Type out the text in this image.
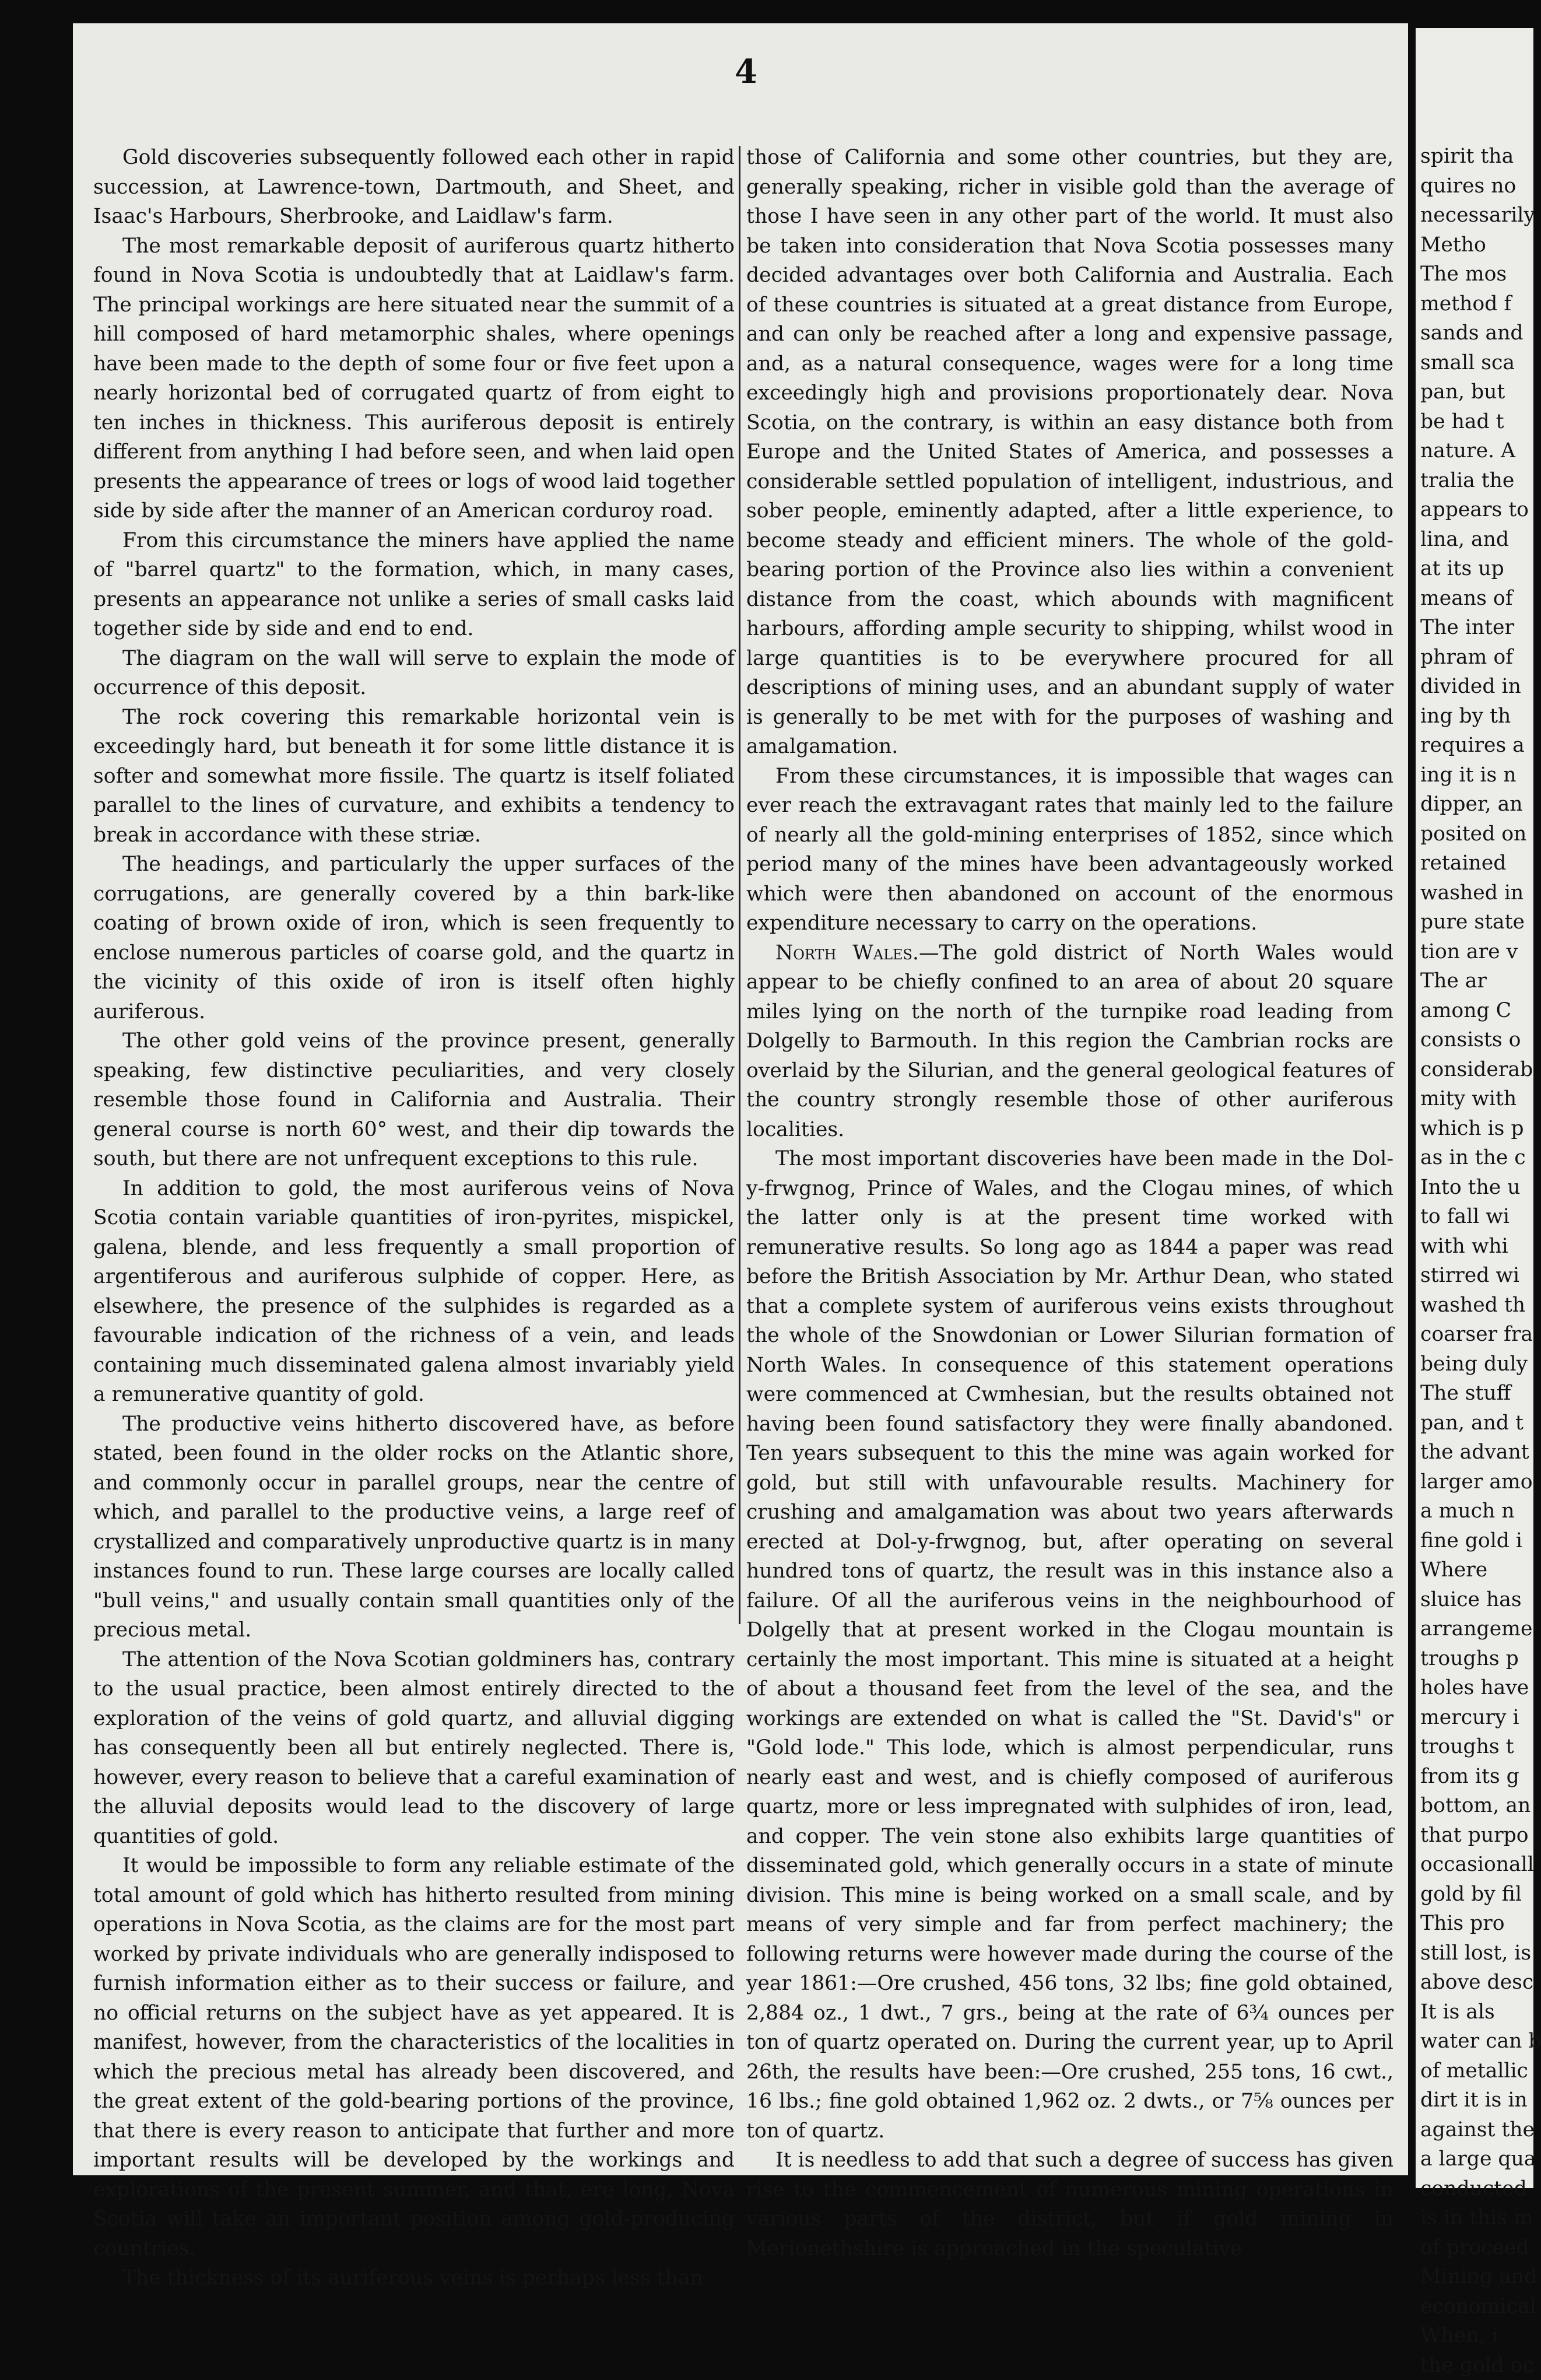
4

Gold discoveries subsequently followed each other in rapid succession, at Lawrence-town, Dartmouth, and Sheet, and Isaac's Harbours, Sherbrooke, and Laidlaw's farm.

The most remarkable deposit of auriferous quartz hitherto found in Nova Scotia is undoubtedly that at Laidlaw's farm. The principal workings are here situated near the summit of a hill composed of hard metamorphic shales, where openings have been made to the depth of some four or five feet upon a nearly horizontal bed of corrugated quartz of from eight to ten inches in thickness. This auriferous deposit is entirely different from anything I had before seen, and when laid open presents the appearance of trees or logs of wood laid together side by side after the manner of an American corduroy road.

From this circumstance the miners have applied the name of "barrel quartz" to the formation, which, in many cases, presents an appearance not unlike a series of small casks laid together side by side and end to end.

The diagram on the wall will serve to explain the mode of occurrence of this deposit.

The rock covering this remarkable horizontal vein is exceedingly hard, but beneath it for some little distance it is softer and somewhat more fissile. The quartz is itself foliated parallel to the lines of curvature, and exhibits a tendency to break in accordance with these striæ.

The headings, and particularly the upper surfaces of the corrugations, are generally covered by a thin bark-like coating of brown oxide of iron, which is seen frequently to enclose numerous particles of coarse gold, and the quartz in the vicinity of this oxide of iron is itself often highly auriferous.

The other gold veins of the province present, generally speaking, few distinctive peculiarities, and very closely resemble those found in California and Australia. Their general course is north 60° west, and their dip towards the south, but there are not unfrequent exceptions to this rule.

In addition to gold, the most auriferous veins of Nova Scotia contain variable quantities of iron-pyrites, mispickel, galena, blende, and less frequently a small proportion of argentiferous and auriferous sulphide of copper. Here, as elsewhere, the presence of the sulphides is regarded as a favourable indication of the richness of a vein, and leads containing much disseminated galena almost invariably yield a remunerative quantity of gold.

The productive veins hitherto discovered have, as before stated, been found in the older rocks on the Atlantic shore, and commonly occur in parallel groups, near the centre of which, and parallel to the productive veins, a large reef of crystallized and comparatively unproductive quartz is in many instances found to run. These large courses are locally called "bull veins," and usually contain small quantities only of the precious metal.

The attention of the Nova Scotian goldminers has, contrary to the usual practice, been almost entirely directed to the exploration of the veins of gold quartz, and alluvial digging has consequently been all but entirely neglected. There is, however, every reason to believe that a careful examination of the alluvial deposits would lead to the discovery of large quantities of gold.

It would be impossible to form any reliable estimate of the total amount of gold which has hitherto resulted from mining operations in Nova Scotia, as the claims are for the most part worked by private individuals who are generally indisposed to furnish information either as to their success or failure, and no official returns on the subject have as yet appeared. It is manifest, however, from the characteristics of the localities in which the precious metal has already been discovered, and the great extent of the gold-bearing portions of the province, that there is every reason to anticipate that further and more important results will be developed by the workings and explorations of the present summer, and that, ere long, Nova Scotia will take an important position among gold-producing countries.

The thickness of its auriferous veins is perhaps less than

those of California and some other countries, but they are, generally speaking, richer in visible gold than the average of those I have seen in any other part of the world. It must also be taken into consideration that Nova Scotia possesses many decided advantages over both California and Australia. Each of these countries is situated at a great distance from Europe, and can only be reached after a long and expensive passage, and, as a natural consequence, wages were for a long time exceedingly high and provisions proportionately dear. Nova Scotia, on the contrary, is within an easy distance both from Europe and the United States of America, and possesses a considerable settled population of intelligent, industrious, and sober people, eminently adapted, after a little experience, to become steady and efficient miners. The whole of the gold-bearing portion of the Province also lies within a convenient distance from the coast, which abounds with magnificent harbours, affording ample security to shipping, whilst wood in large quantities is to be everywhere procured for all descriptions of mining uses, and an abundant supply of water is generally to be met with for the purposes of washing and amalgamation.

From these circumstances, it is impossible that wages can ever reach the extravagant rates that mainly led to the failure of nearly all the gold-mining enterprises of 1852, since which period many of the mines have been advantageously worked which were then abandoned on account of the enormous expenditure necessary to carry on the operations.

North Wales.—The gold district of North Wales would appear to be chiefly confined to an area of about 20 square miles lying on the north of the turnpike road leading from Dolgelly to Barmouth. In this region the Cambrian rocks are overlaid by the Silurian, and the general geological features of the country strongly resemble those of other auriferous localities.

The most important discoveries have been made in the Dol-y-frwgnog, Prince of Wales, and the Clogau mines, of which the latter only is at the present time worked with remunerative results. So long ago as 1844 a paper was read before the British Association by Mr. Arthur Dean, who stated that a complete system of auriferous veins exists throughout the whole of the Snowdonian or Lower Silurian formation of North Wales. In consequence of this statement operations were commenced at Cwmhesian, but the results obtained not having been found satisfactory they were finally abandoned. Ten years subsequent to this the mine was again worked for gold, but still with unfavourable results. Machinery for crushing and amalgamation was about two years afterwards erected at Dol-y-frwgnog, but, after operating on several hundred tons of quartz, the result was in this instance also a failure. Of all the auriferous veins in the neighbourhood of Dolgelly that at present worked in the Clogau mountain is certainly the most important. This mine is situated at a height of about a thousand feet from the level of the sea, and the workings are extended on what is called the "St. David's" or "Gold lode." This lode, which is almost perpendicular, runs nearly east and west, and is chiefly composed of auriferous quartz, more or less impregnated with sulphides of iron, lead, and copper. The vein stone also exhibits large quantities of disseminated gold, which generally occurs in a state of minute division. This mine is being worked on a small scale, and by means of very simple and far from perfect machinery; the following returns were however made during the course of the year 1861:—Ore crushed, 456 tons, 32 lbs; fine gold obtained, 2,884 oz., 1 dwt., 7 grs., being at the rate of 6¾ ounces per ton of quartz operated on. During the current year, up to April 26th, the results have been:—Ore crushed, 255 tons, 16 cwt., 16 lbs.; fine gold obtained 1,962 oz. 2 dwts., or 7⅝ ounces per ton of quartz.

It is needless to add that such a degree of success has given rise to the commencement of numerous mining operations in various parts of the district, but if gold mining in Merionethshire is approached in the speculative

spirit tha
quires no
necessarily
Metho
The mos
method f
sands and
small sca
pan, but
be had t
nature. A
tralia the
appears to
lina, and
at its up
means of
The inter
phram of
divided in
ing by th
requires a
ing it is n
dipper, an
posited on
retained
washed in
pure state
tion are v
The ar
among C
consists o
considerab
mity with
which is p
as in the c
Into the u
to fall wi
with whi
stirred wi
washed th
coarser fra
being duly
The stuff
pan, and t
the advant
larger amo
a much n
fine gold i
Where
sluice has
arrangeme
troughs p
holes have
mercury i
troughs t
from its g
bottom, an
that purpo
occasionall
gold by fil
This pro
still lost, is
above desc
It is als
water can b
of metallic
dirt it is in
against the
a large qua
conducted
is in this m
of proceed
Mining and
economical
When, i
the gold oc
